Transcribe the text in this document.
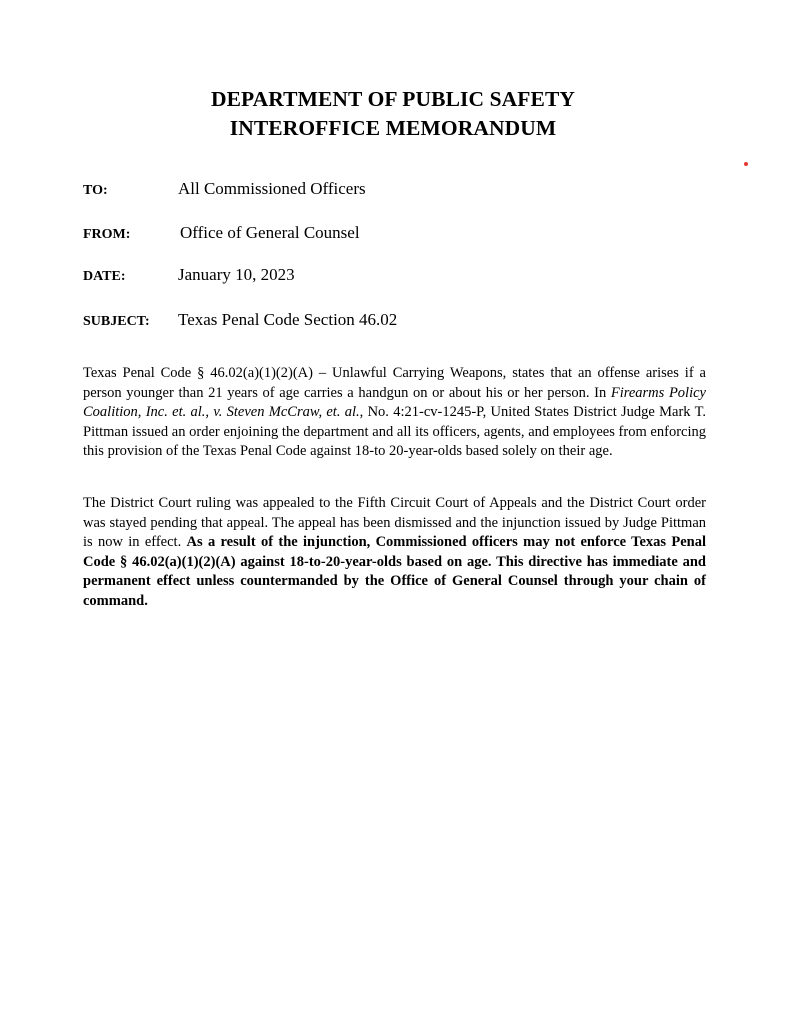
DEPARTMENT OF PUBLIC SAFETY
INTEROFFICE MEMORANDUM
TO:	All Commissioned Officers
FROM:	Office of General Counsel
DATE:	January 10, 2023
SUBJECT: Texas Penal Code Section 46.02
Texas Penal Code § 46.02(a)(1)(2)(A) – Unlawful Carrying Weapons, states that an offense arises if a person younger than 21 years of age carries a handgun on or about his or her person. In Firearms Policy Coalition, Inc. et. al., v. Steven McCraw, et. al., No. 4:21-cv-1245-P, United States District Judge Mark T. Pittman issued an order enjoining the department and all its officers, agents, and employees from enforcing this provision of the Texas Penal Code against 18-to 20-year-olds based solely on their age.
The District Court ruling was appealed to the Fifth Circuit Court of Appeals and the District Court order was stayed pending that appeal. The appeal has been dismissed and the injunction issued by Judge Pittman is now in effect. As a result of the injunction, Commissioned officers may not enforce Texas Penal Code § 46.02(a)(1)(2)(A) against 18-to-20-year-olds based on age. This directive has immediate and permanent effect unless countermanded by the Office of General Counsel through your chain of command.
